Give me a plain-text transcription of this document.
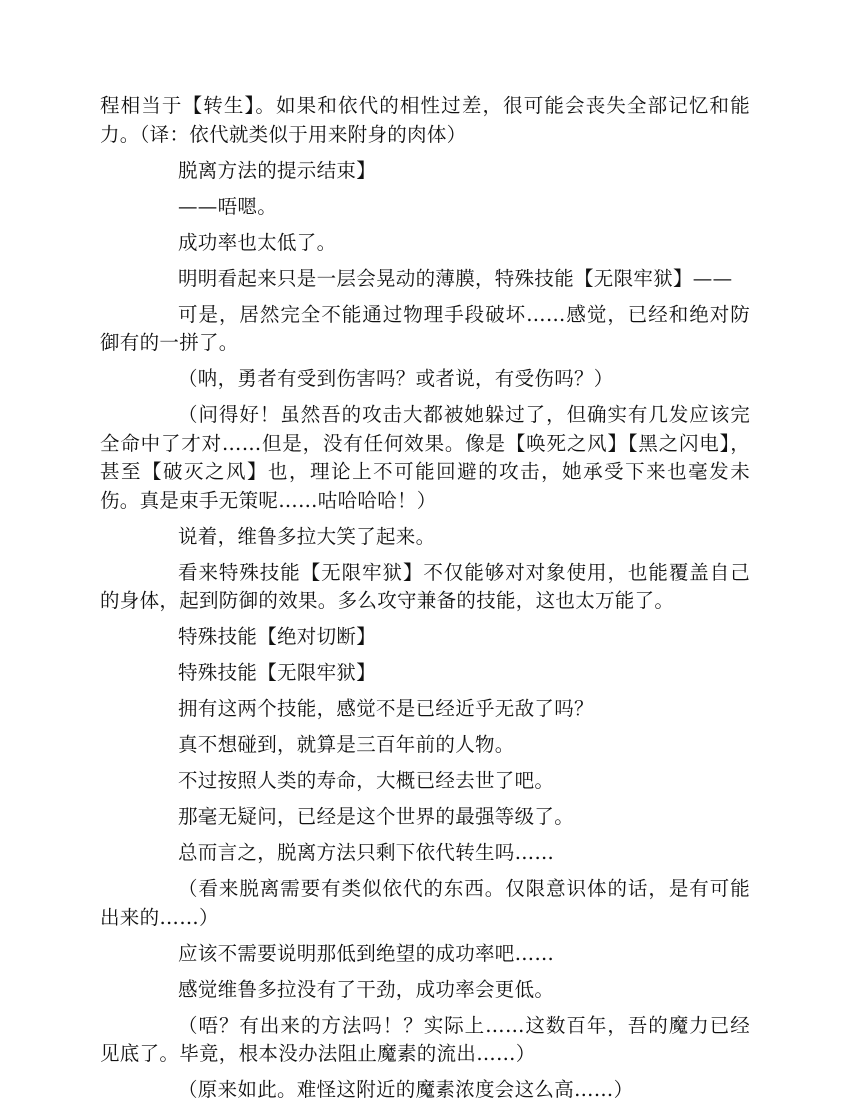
程相当于【转生】。如果和依代的相性过差，很可能会丧失全部记忆和能力。（译：依代就类似于用来附身的肉体）

脱离方法的提示结束】

——唔嗯。

成功率也太低了。

明明看起来只是一层会晃动的薄膜，特殊技能【无限牢狱】——

可是，居然完全不能通过物理手段破坏……感觉，已经和绝对防御有的一拼了。

（呐，勇者有受到伤害吗？或者说，有受伤吗？）

（问得好！虽然吾的攻击大都被她躲过了，但确实有几发应该完全命中了才对……但是，没有任何效果。像是【唤死之风】【黑之闪电】，甚至【破灭之风】也，理论上不可能回避的攻击，她承受下来也毫发未伤。真是束手无策呢……咕哈哈哈！）

说着，维鲁多拉大笑了起来。

看来特殊技能【无限牢狱】不仅能够对对象使用，也能覆盖自己的身体，起到防御的效果。多么攻守兼备的技能，这也太万能了。

特殊技能【绝对切断】

特殊技能【无限牢狱】

拥有这两个技能，感觉不是已经近乎无敌了吗？

真不想碰到，就算是三百年前的人物。

不过按照人类的寿命，大概已经去世了吧。

那毫无疑问，已经是这个世界的最强等级了。

总而言之，脱离方法只剩下依代转生吗……

（看来脱离需要有类似依代的东西。仅限意识体的话，是有可能出来的……）

应该不需要说明那低到绝望的成功率吧……

感觉维鲁多拉没有了干劲，成功率会更低。

（唔？有出来的方法吗！？实际上……这数百年，吾的魔力已经见底了。毕竟，根本没办法阻止魔素的流出……）

（原来如此。难怪这附近的魔素浓度会这么高……）
